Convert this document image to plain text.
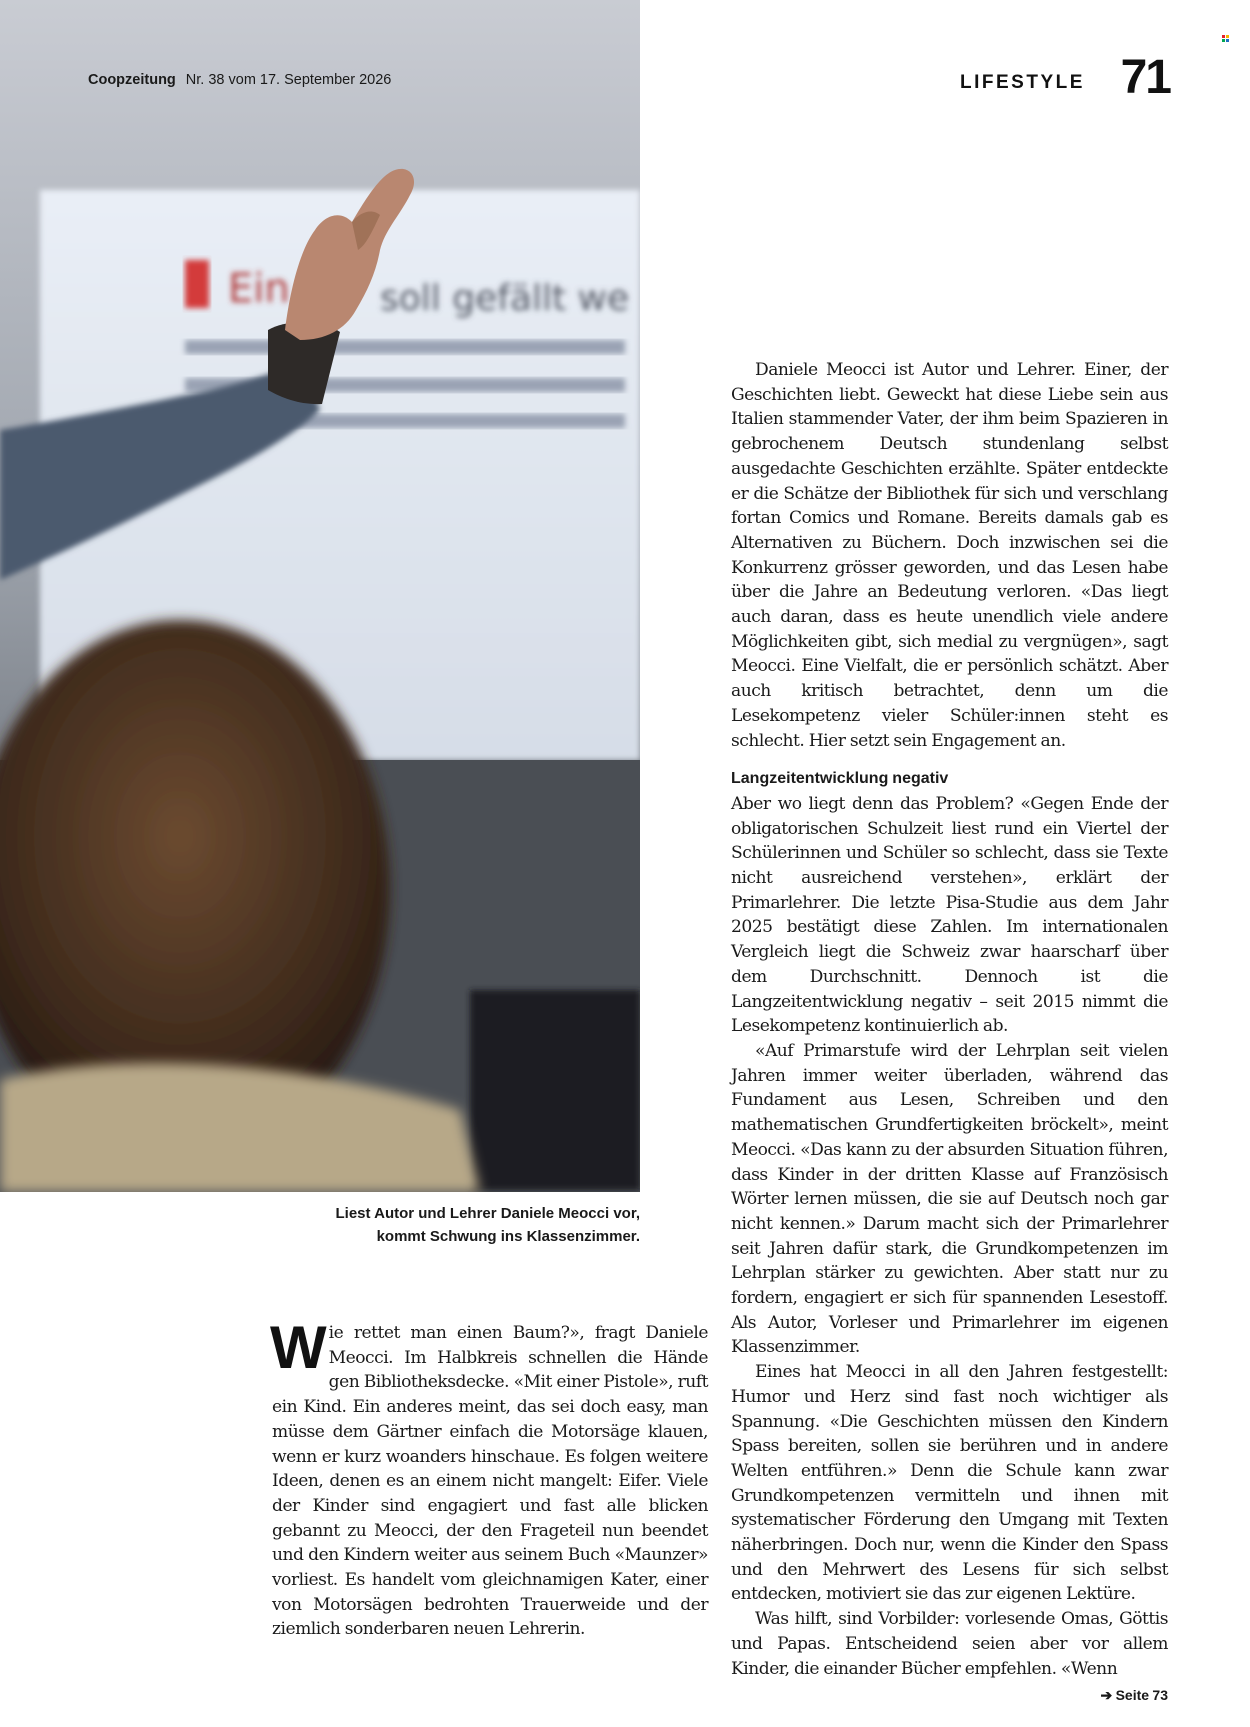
Ein	soll gefällt we
Coopzeitung Nr. 38 vom 17. September 2026	LIFESTYLE 71
Liest Autor und Lehrer Daniele Meocci vor,
kommt Schwung ins Klassenzimmer.

Wie rettet man einen Baum?», fragt Daniele Meocci. Im Halbkreis schnellen die Hände gen Bibliotheksdecke. «Mit einer Pistole», ruft ein Kind. Ein anderes meint, das sei doch easy, man müsse dem Gärtner einfach die Motorsäge klauen, wenn er kurz woanders hinschaue. Es folgen weitere Ideen, denen es an einem nicht mangelt: Eifer. Viele der Kinder sind engagiert und fast alle blicken gebannt zu Meocci, der den Frageteil nun beendet und den Kindern weiter aus seinem Buch «Maunzer» vorliest. Es handelt vom gleichnamigen Kater, einer von Motorsägen bedrohten Trauerweide und der ziemlich sonderbaren neuen Lehrerin.

Daniele Meocci ist Autor und Lehrer. Einer, der Geschichten liebt. Geweckt hat diese Liebe sein aus Italien stammender Vater, der ihm beim Spazieren in gebrochenem Deutsch stundenlang selbst ausgedachte Geschichten erzählte. Später entdeckte er die Schätze der Bibliothek für sich und verschlang fortan Comics und Romane. Bereits damals gab es Alternativen zu Büchern. Doch inzwischen sei die Konkurrenz grösser geworden, und das Lesen habe über die Jahre an Bedeutung verloren. «Das liegt auch daran, dass es heute unendlich viele andere Möglichkeiten gibt, sich medial zu vergnügen», sagt Meocci. Eine Vielfalt, die er persönlich schätzt. Aber auch kritisch betrachtet, denn um die Lesekompetenz vieler Schüler:innen steht es schlecht. Hier setzt sein Engagement an.

Langzeitentwicklung negativ

Aber wo liegt denn das Problem? «Gegen Ende der obligatorischen Schulzeit liest rund ein Viertel der Schülerinnen und Schüler so schlecht, dass sie Texte nicht ausreichend verstehen», erklärt der Primarlehrer. Die letzte Pisa-Studie aus dem Jahr 2025 bestätigt diese Zahlen. Im internationalen Vergleich liegt die Schweiz zwar haarscharf über dem Durchschnitt. Dennoch ist die Langzeitentwicklung negativ – seit 2015 nimmt die Lesekompetenz kontinuierlich ab.

«Auf Primarstufe wird der Lehrplan seit vielen Jahren immer weiter überladen, während das Fundament aus Lesen, Schreiben und den mathematischen Grundfertigkeiten bröckelt», meint Meocci. «Das kann zu der absurden Situation führen, dass Kinder in der dritten Klasse auf Französisch Wörter lernen müssen, die sie auf Deutsch noch gar nicht kennen.» Darum macht sich der Primarlehrer seit Jahren dafür stark, die Grundkompetenzen im Lehrplan stärker zu gewichten. Aber statt nur zu fordern, engagiert er sich für spannenden Lesestoff. Als Autor, Vorleser und Primarlehrer im eigenen Klassenzimmer.

Eines hat Meocci in all den Jahren festgestellt: Humor und Herz sind fast noch wichtiger als Spannung. «Die Geschichten müssen den Kindern Spass bereiten, sollen sie berühren und in andere Welten entführen.» Denn die Schule kann zwar Grundkompetenzen vermitteln und ihnen mit systematischer Förderung den Umgang mit Texten näherbringen. Doch nur, wenn die Kinder den Spass und den Mehrwert des Lesens für sich selbst entdecken, motiviert sie das zur eigenen Lektüre.

Was hilft, sind Vorbilder: vorlesende Omas, Göttis und Papas. Entscheidend seien aber vor allem Kinder, die einander Bücher empfehlen. «Wenn
➔ Seite 73
